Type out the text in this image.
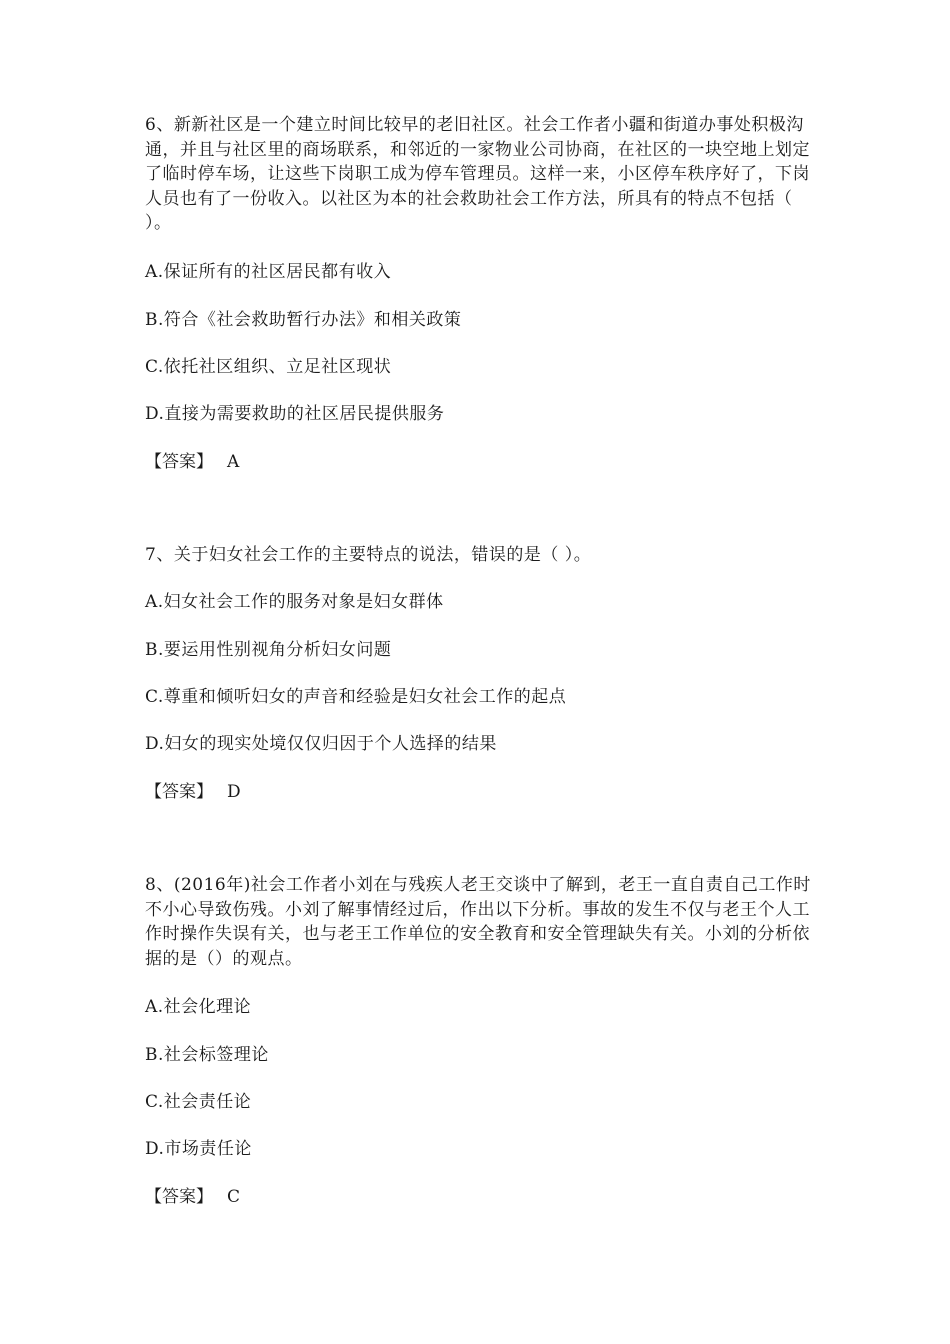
6、新新社区是一个建立时间比较早的老旧社区。社会工作者小疆和街道办事处积极沟通，并且与社区里的商场联系，和邻近的一家物业公司协商，在社区的一块空地上划定了临时停车场，让这些下岗职工成为停车管理员。这样一来，小区停车秩序好了，下岗人员也有了一份收入。以社区为本的社会救助社会工作方法，所具有的特点不包括（ ）。

A.保证所有的社区居民都有收入

B.符合《社会救助暂行办法》和相关政策

C.依托社区组织、立足社区现状

D.直接为需要救助的社区居民提供服务

【答案】 A

7、关于妇女社会工作的主要特点的说法，错误的是（ ）。

A.妇女社会工作的服务对象是妇女群体

B.要运用性别视角分析妇女问题

C.尊重和倾听妇女的声音和经验是妇女社会工作的起点

D.妇女的现实处境仅仅归因于个人选择的结果

【答案】 D

8、(2016年)社会工作者小刘在与残疾人老王交谈中了解到，老王一直自责自己工作时不小心导致伤残。小刘了解事情经过后，作出以下分析。事故的发生不仅与老王个人工作时操作失误有关，也与老王工作单位的安全教育和安全管理缺失有关。小刘的分析依据的是（）的观点。

A.社会化理论

B.社会标签理论

C.社会责任论

D.市场责任论

【答案】 C
